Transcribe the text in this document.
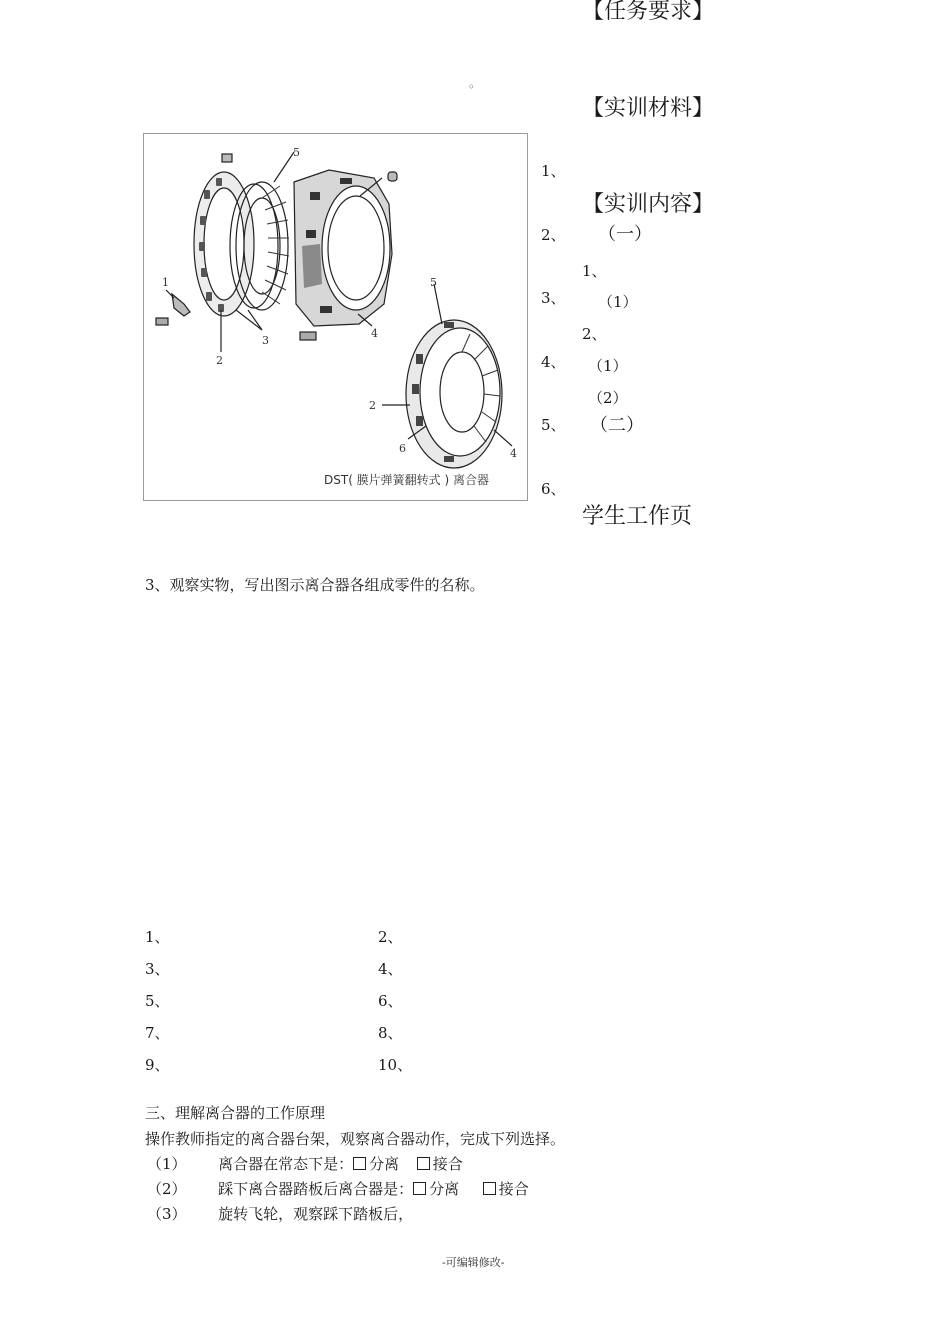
【任务要求】
。
【实训材料】
【实训内容】
1、
2、
3、
4、
5、
6、
（一）
1、
（1）
2、
（1）
（2）
（二）
学生工作页
5
1
2
3
4
5
2
6	4
DST( 膜片弹簧翻转式 ) 离合器
3、观察实物，写出图示离合器各组成零件的名称。
1、	2、
3、	4、
5、	6、
7、	8、
9、	10、
三、理解离合器的工作原理
操作教师指定的离合器台架，观察离合器动作，完成下列选择。
（1） 离合器在常态下是： 分离 接合
（2） 踩下离合器踏板后离合器是： 分离	接合
（3） 旋转飞轮，观察踩下踏板后，
-可编辑修改-
